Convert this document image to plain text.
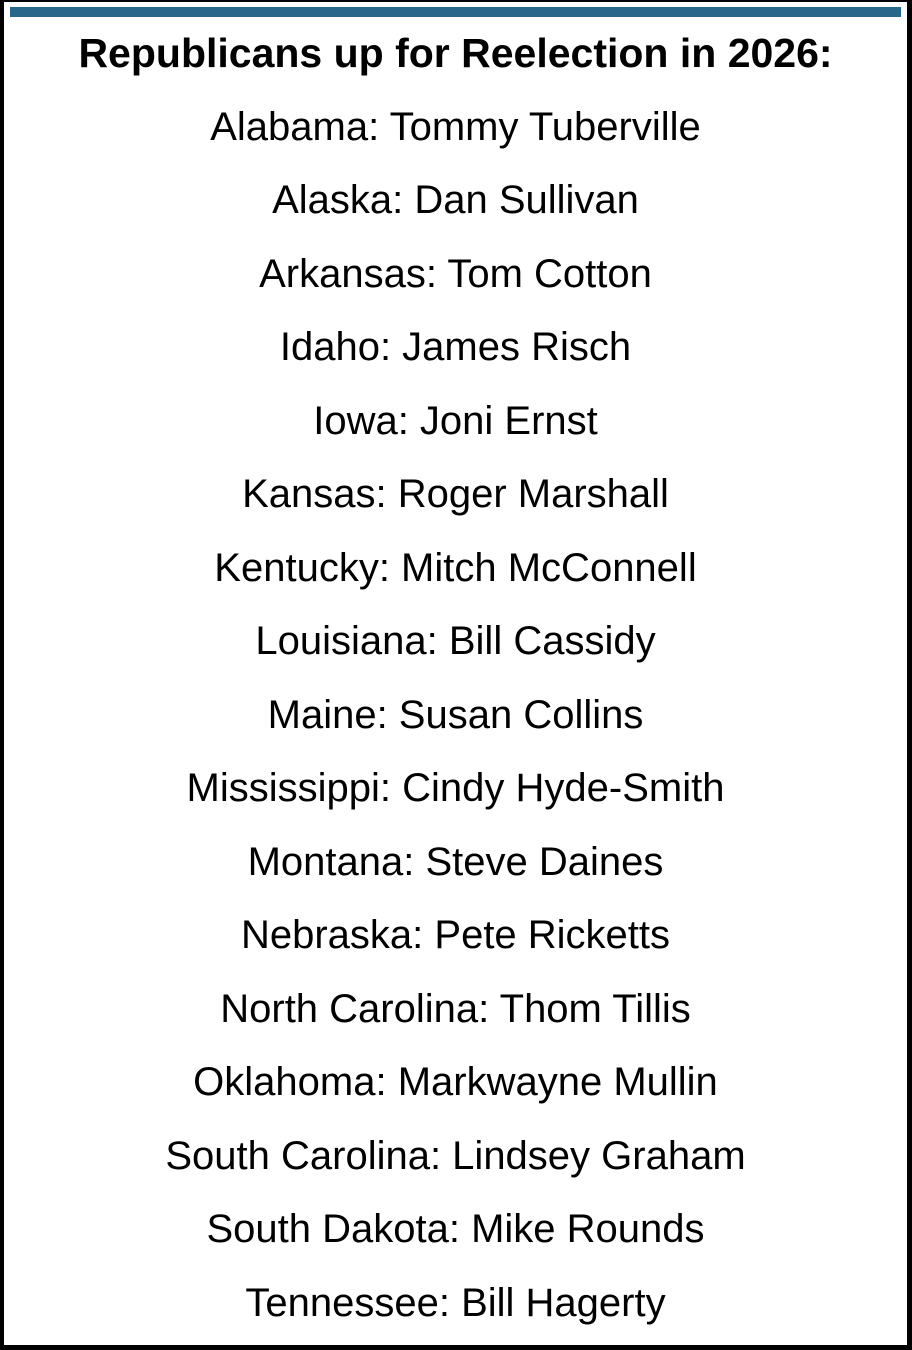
Republicans up for Reelection in 2026:
Alabama: Tommy Tuberville
Alaska: Dan Sullivan
Arkansas: Tom Cotton
Idaho: James Risch
Iowa: Joni Ernst
Kansas: Roger Marshall
Kentucky: Mitch McConnell
Louisiana: Bill Cassidy
Maine: Susan Collins
Mississippi: Cindy Hyde-Smith
Montana: Steve Daines
Nebraska: Pete Ricketts
North Carolina: Thom Tillis
Oklahoma: Markwayne Mullin
South Carolina: Lindsey Graham
South Dakota: Mike Rounds
Tennessee: Bill Hagerty
